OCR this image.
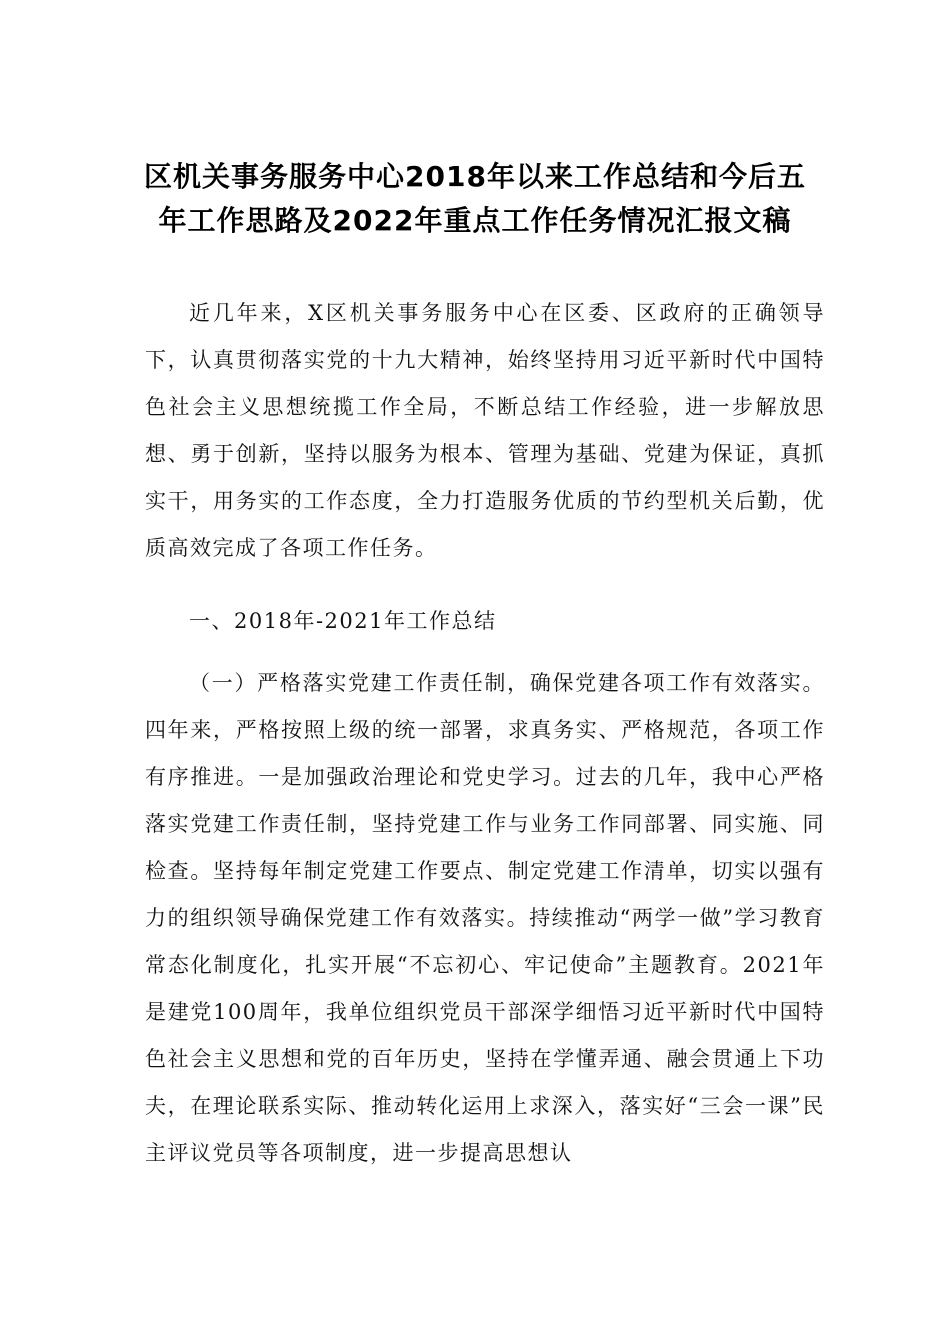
区机关事务服务中心2018年以来工作总结和今后五
年工作思路及2022年重点工作任务情况汇报文稿

近几年来，X区机关事务服务中心在区委、区政府的正确领导下，认真贯彻落实党的十九大精神，始终坚持用习近平新时代中国特色社会主义思想统揽工作全局，不断总结工作经验，进一步解放思想、勇于创新，坚持以服务为根本、管理为基础、党建为保证，真抓实干，用务实的工作态度，全力打造服务优质的节约型机关后勤，优质高效完成了各项工作任务。

一、2018年-2021年工作总结

（一）严格落实党建工作责任制，确保党建各项工作有效落实。四年来，严格按照上级的统一部署，求真务实、严格规范，各项工作有序推进。一是加强政治理论和党史学习。过去的几年，我中心严格落实党建工作责任制，坚持党建工作与业务工作同部署、同实施、同检查。坚持每年制定党建工作要点、制定党建工作清单，切实以强有力的组织领导确保党建工作有效落实。持续推动“两学一做”学习教育常态化制度化，扎实开展“不忘初心、牢记使命”主题教育。2021年是建党100周年，我单位组织党员干部深学细悟习近平新时代中国特色社会主义思想和党的百年历史，坚持在学懂弄通、融会贯通上下功夫，在理论联系实际、推动转化运用上求深入，落实好“三会一课”民主评议党员等各项制度，进一步提高思想认
